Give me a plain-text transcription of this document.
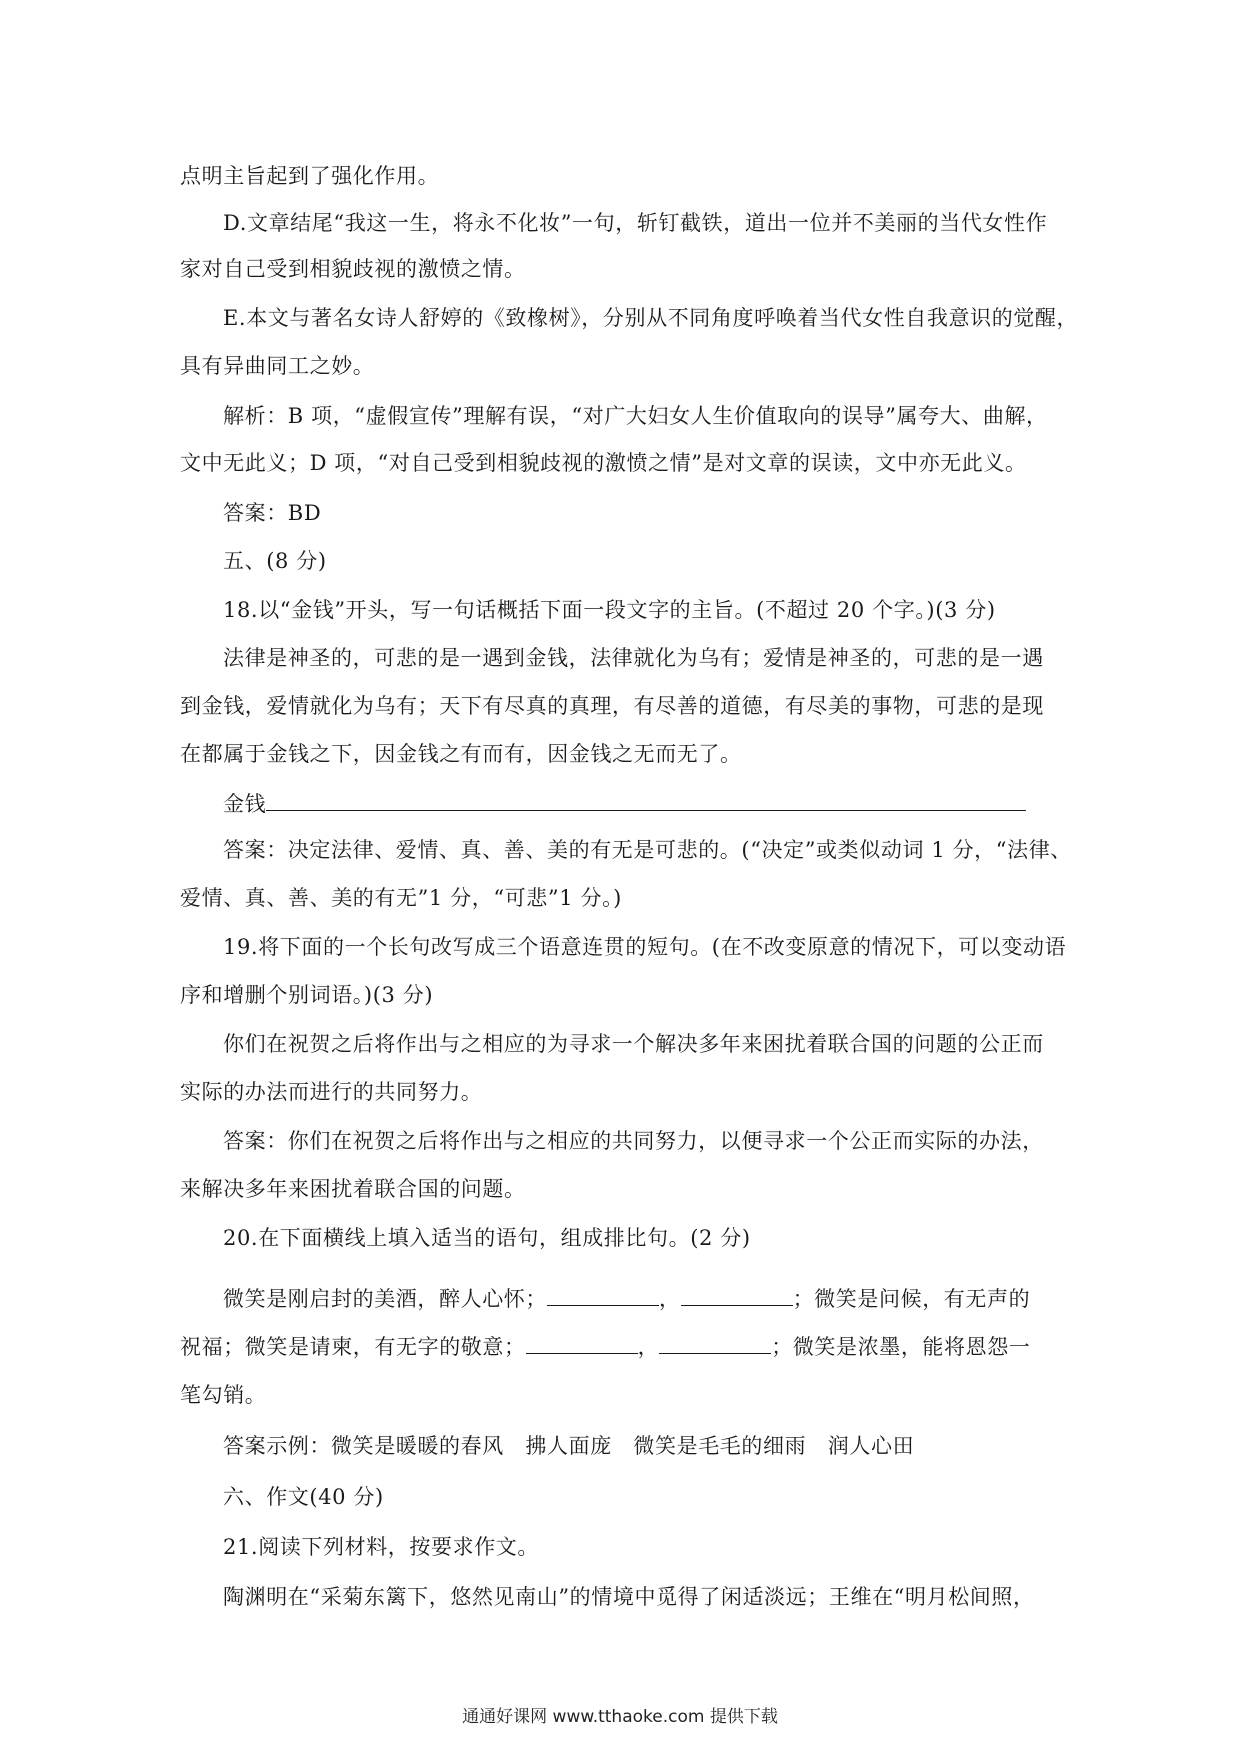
点明主旨起到了强化作用。
D.文章结尾“我这一生，将永不化妆”一句，斩钉截铁，道出一位并不美丽的当代女性作
家对自己受到相貌歧视的激愤之情。
E.本文与著名女诗人舒婷的《致橡树》，分别从不同角度呼唤着当代女性自我意识的觉醒，
具有异曲同工之妙。
解析：B 项，“虚假宣传”理解有误，“对广大妇女人生价值取向的误导”属夸大、曲解，
文中无此义；D 项，“对自己受到相貌歧视的激愤之情”是对文章的误读，文中亦无此义。
答案：BD
五、(8 分)
18.以“金钱”开头，写一句话概括下面一段文字的主旨。(不超过 20 个字。)(3 分)
法律是神圣的，可悲的是一遇到金钱，法律就化为乌有；爱情是神圣的，可悲的是一遇
到金钱，爱情就化为乌有；天下有尽真的真理，有尽善的道德，有尽美的事物，可悲的是现
在都属于金钱之下，因金钱之有而有，因金钱之无而无了。
金钱
答案：决定法律、爱情、真、善、美的有无是可悲的。(“决定”或类似动词 1 分，“法律、
爱情、真、善、美的有无”1 分，“可悲”1 分。)
19.将下面的一个长句改写成三个语意连贯的短句。(在不改变原意的情况下，可以变动语
序和增删个别词语。)(3 分)
你们在祝贺之后将作出与之相应的为寻求一个解决多年来困扰着联合国的问题的公正而
实际的办法而进行的共同努力。
答案：你们在祝贺之后将作出与之相应的共同努力，以便寻求一个公正而实际的办法，
来解决多年来困扰着联合国的问题。
20.在下面横线上填入适当的语句，组成排比句。(2 分)
微笑是刚启封的美酒，醉人心怀；	，	；微笑是问候，有无声的
祝福；微笑是请柬，有无字的敬意；	，	；微笑是浓墨，能将恩怨一
笔勾销。
答案示例：微笑是暖暖的春风　拂人面庞　微笑是毛毛的细雨　润人心田
六、作文(40 分)
21.阅读下列材料，按要求作文。
陶渊明在“采菊东篱下，悠然见南山”的情境中觅得了闲适淡远；王维在“明月松间照，
通通好课网 www.tthaoke.com 提供下载
